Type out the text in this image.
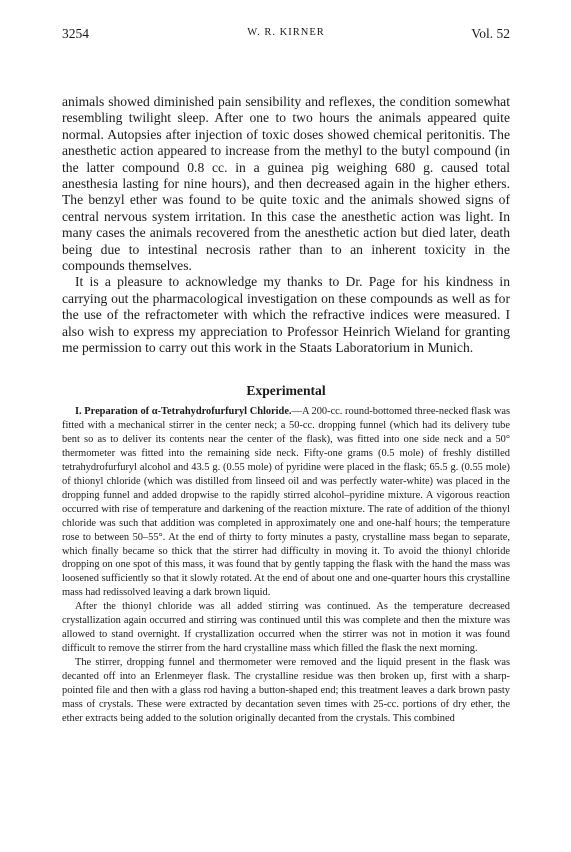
3254	W. R. KIRNER	Vol. 52

animals showed diminished pain sensibility and reflexes, the condition somewhat resembling twilight sleep. After one to two hours the animals appeared quite normal. Autopsies after injection of toxic doses showed chemical peritonitis. The anesthetic action appeared to increase from the methyl to the butyl compound (in the latter compound 0.8 cc. in a guinea pig weighing 680 g. caused total anesthesia lasting for nine hours), and then decreased again in the higher ethers. The benzyl ether was found to be quite toxic and the animals showed signs of central nervous system irritation. In this case the anesthetic action was light. In many cases the animals recovered from the anesthetic action but died later, death being due to intestinal necrosis rather than to an inherent toxicity in the compounds themselves.

It is a pleasure to acknowledge my thanks to Dr. Page for his kindness in carrying out the pharmacological investigation on these compounds as well as for the use of the refractometer with which the refractive indices were measured. I also wish to express my appreciation to Professor Heinrich Wieland for granting me permission to carry out this work in the Staats Laboratorium in Munich.

Experimental

I. Preparation of α-Tetrahydrofurfuryl Chloride.—A 200-cc. round-bottomed three-necked flask was fitted with a mechanical stirrer in the center neck; a 50-cc. dropping funnel (which had its delivery tube bent so as to deliver its contents near the center of the flask), was fitted into one side neck and a 50° thermometer was fitted into the remaining side neck. Fifty-one grams (0.5 mole) of freshly distilled tetrahydrofurfuryl alcohol and 43.5 g. (0.55 mole) of pyridine were placed in the flask; 65.5 g. (0.55 mole) of thionyl chloride (which was distilled from linseed oil and was perfectly water-white) was placed in the dropping funnel and added dropwise to the rapidly stirred alcohol–pyridine mixture. A vigorous reaction occurred with rise of temperature and darkening of the reaction mixture. The rate of addition of the thionyl chloride was such that addition was completed in approximately one and one-half hours; the temperature rose to between 50–55°. At the end of thirty to forty minutes a pasty, crystalline mass began to separate, which finally became so thick that the stirrer had difficulty in moving it. To avoid the thionyl chloride dropping on one spot of this mass, it was found that by gently tapping the flask with the hand the mass was loosened sufficiently so that it slowly rotated. At the end of about one and one-quarter hours this crystalline mass had redissolved leaving a dark brown liquid.

After the thionyl chloride was all added stirring was continued. As the temperature decreased crystallization again occurred and stirring was continued until this was complete and then the mixture was allowed to stand overnight. If crystallization occurred when the stirrer was not in motion it was found difficult to remove the stirrer from the hard crystalline mass which filled the flask the next morning.

The stirrer, dropping funnel and thermometer were removed and the liquid present in the flask was decanted off into an Erlenmeyer flask. The crystalline residue was then broken up, first with a sharp-pointed file and then with a glass rod having a button-shaped end; this treatment leaves a dark brown pasty mass of crystals. These were extracted by decantation seven times with 25-cc. portions of dry ether, the ether extracts being added to the solution originally decanted from the crystals. This combined
